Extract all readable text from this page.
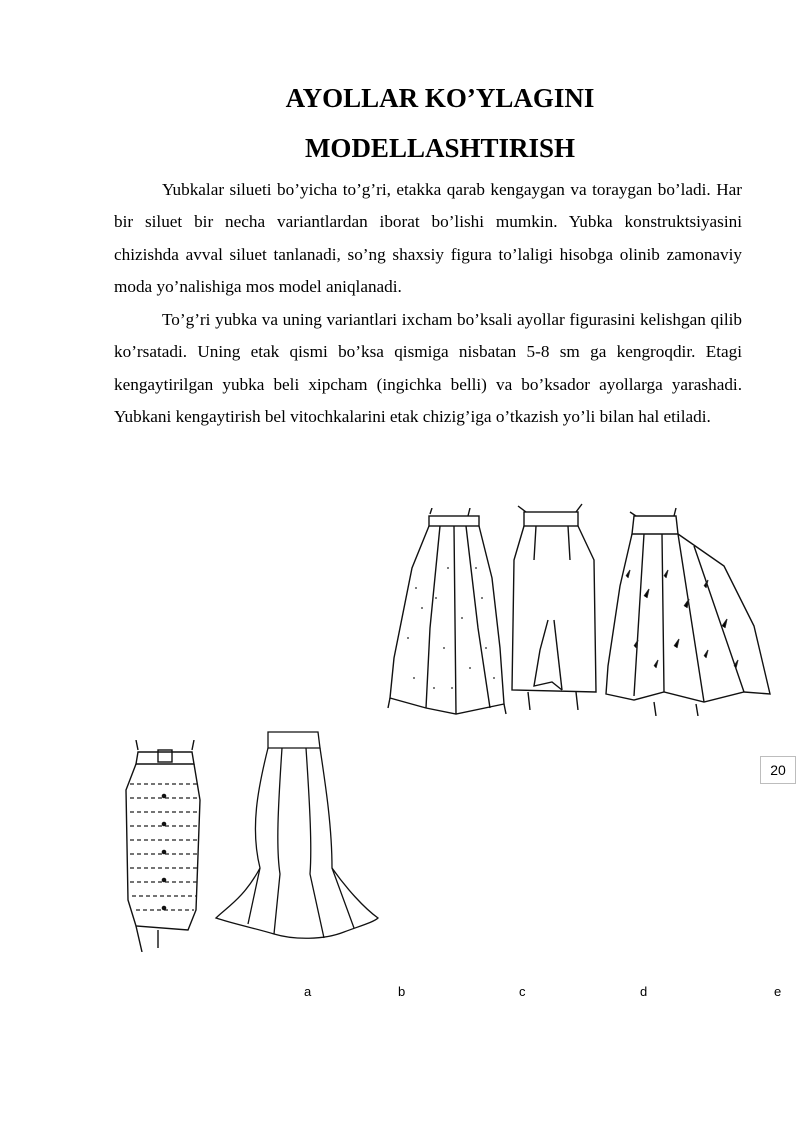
AYOLLAR KO’YLAGINI
MODELLASHTIRISH

Yubkalar silueti bo’yicha to’g’ri, etakka qarab kengaygan va toraygan bo’ladi. Har bir siluet bir necha variantlardan iborat bo’lishi mumkin. Yubka konstruktsiyasini chizishda avval siluet tanlanadi, so’ng shaxsiy figura to’laligi hisobga olinib zamonaviy moda yo’nalishiga mos model aniqlanadi.

To’g’ri yubka va uning variantlari ixcham bo’ksali ayollar figurasini kelishgan qilib ko’rsatadi. Uning etak qismi bo’ksa qismiga nisbatan 5-8 sm ga kengroqdir. Etagi kengaytirilgan yubka beli xipcham (ingichka belli) va bo’ksador ayollarga yarashadi. Yubkani kengaytirish bel vitochkalarini etak chizig’iga o’tkazish yo’li bilan hal etiladi.

a	b	c	d	e
20
